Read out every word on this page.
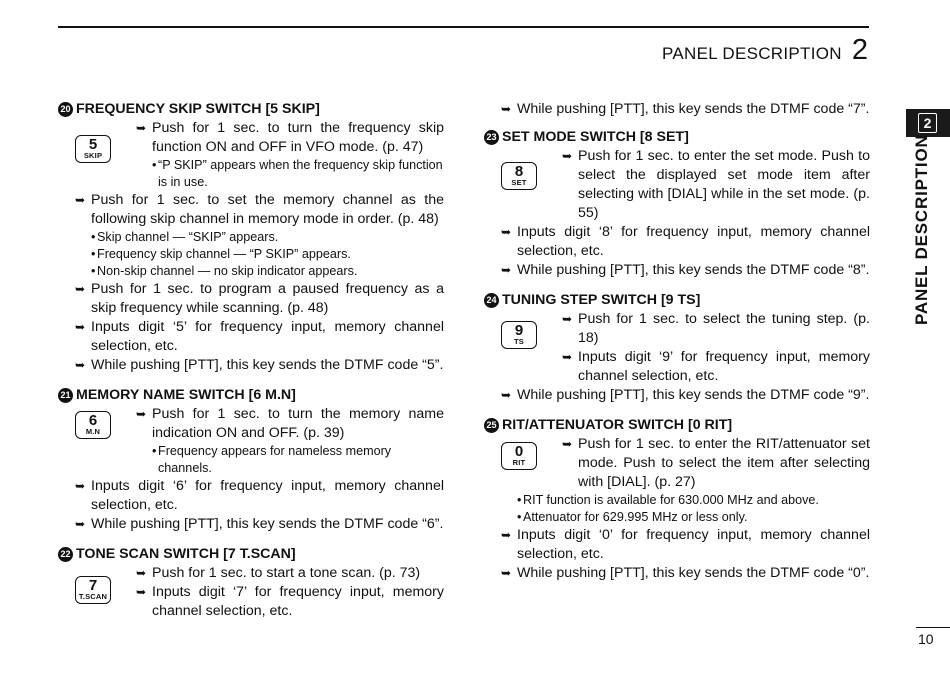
PANEL DESCRIPTION 2
2
PANEL DESCRIPTION
10
20 FREQUENCY SKIP SWITCH [5 SKIP]
5
SKIP
➥ Push for 1 sec. to turn the frequency skip function ON and OFF in VFO mode. (p. 47)
• “P SKIP” appears when the frequency skip function is in use.
➥ Push for 1 sec. to set the memory channel as the following skip channel in memory mode in order. (p. 48)
• Skip channel — “SKIP” appears.
• Frequency skip channel — “P SKIP” appears.
• Non-skip channel — no skip indicator appears.
➥ Push for 1 sec. to program a paused frequency as a skip frequency while scanning. (p. 48)
➥ Inputs digit ‘5’ for frequency input, memory channel selection, etc.
➥ While pushing [PTT], this key sends the DTMF code “5”.
21 MEMORY NAME SWITCH [6 M.N]
6
M.N
➥ Push for 1 sec. to turn the memory name indication ON and OFF. (p. 39)
• Frequency appears for nameless memory channels.
➥ Inputs digit ‘6’ for frequency input, memory channel selection, etc.
➥ While pushing [PTT], this key sends the DTMF code “6”.
22 TONE SCAN SWITCH [7 T.SCAN]
7
T.SCAN
➥ Push for 1 sec. to start a tone scan. (p. 73)
➥ Inputs digit ‘7’ for frequency input, memory channel selection, etc.
➥ While pushing [PTT], this key sends the DTMF code “7”.
23 SET MODE SWITCH [8 SET]
8
SET
➥ Push for 1 sec. to enter the set mode. Push to select the displayed set mode item after selecting with [DIAL] while in the set mode. (p. 55)
➥ Inputs digit ‘8’ for frequency input, memory channel selection, etc.
➥ While pushing [PTT], this key sends the DTMF code “8”.
24 TUNING STEP SWITCH [9 TS]
9
TS
➥ Push for 1 sec. to select the tuning step. (p. 18)
➥ Inputs digit ‘9’ for frequency input, memory channel selection, etc.
➥ While pushing [PTT], this key sends the DTMF code “9”.
25 RIT/ATTENUATOR SWITCH [0 RIT]
0
RIT
➥ Push for 1 sec. to enter the RIT/attenuator set mode. Push to select the item after selecting with [DIAL]. (p. 27)
• RIT function is available for 630.000 MHz and above.
• Attenuator for 629.995 MHz or less only.
➥ Inputs digit ‘0’ for frequency input, memory channel selection, etc.
➥ While pushing [PTT], this key sends the DTMF code “0”.
